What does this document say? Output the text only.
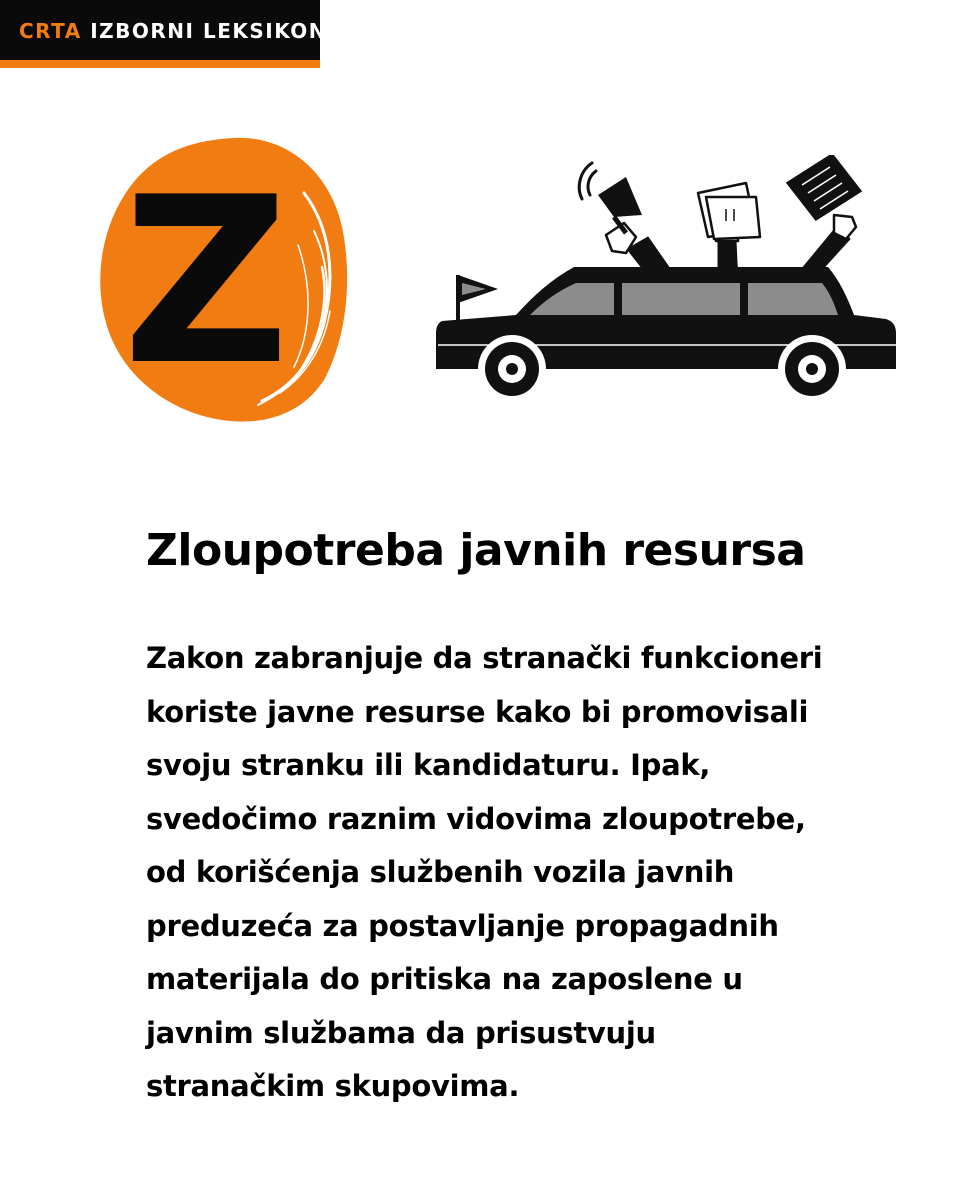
CRTA IZBORNI LEKSIKON
Z
Zloupotreba javnih resursa
Zakon zabranjuje da stranački funkcioneri
koriste javne resurse kako bi promovisali
svoju stranku ili kandidaturu. Ipak,
svedočimo raznim vidovima zloupotrebe,
od korišćenja službenih vozila javnih
preduzeća za postavljanje propagadnih
materijala do pritiska na zaposlene u
javnim službama da prisustvuju
stranačkim skupovima.
